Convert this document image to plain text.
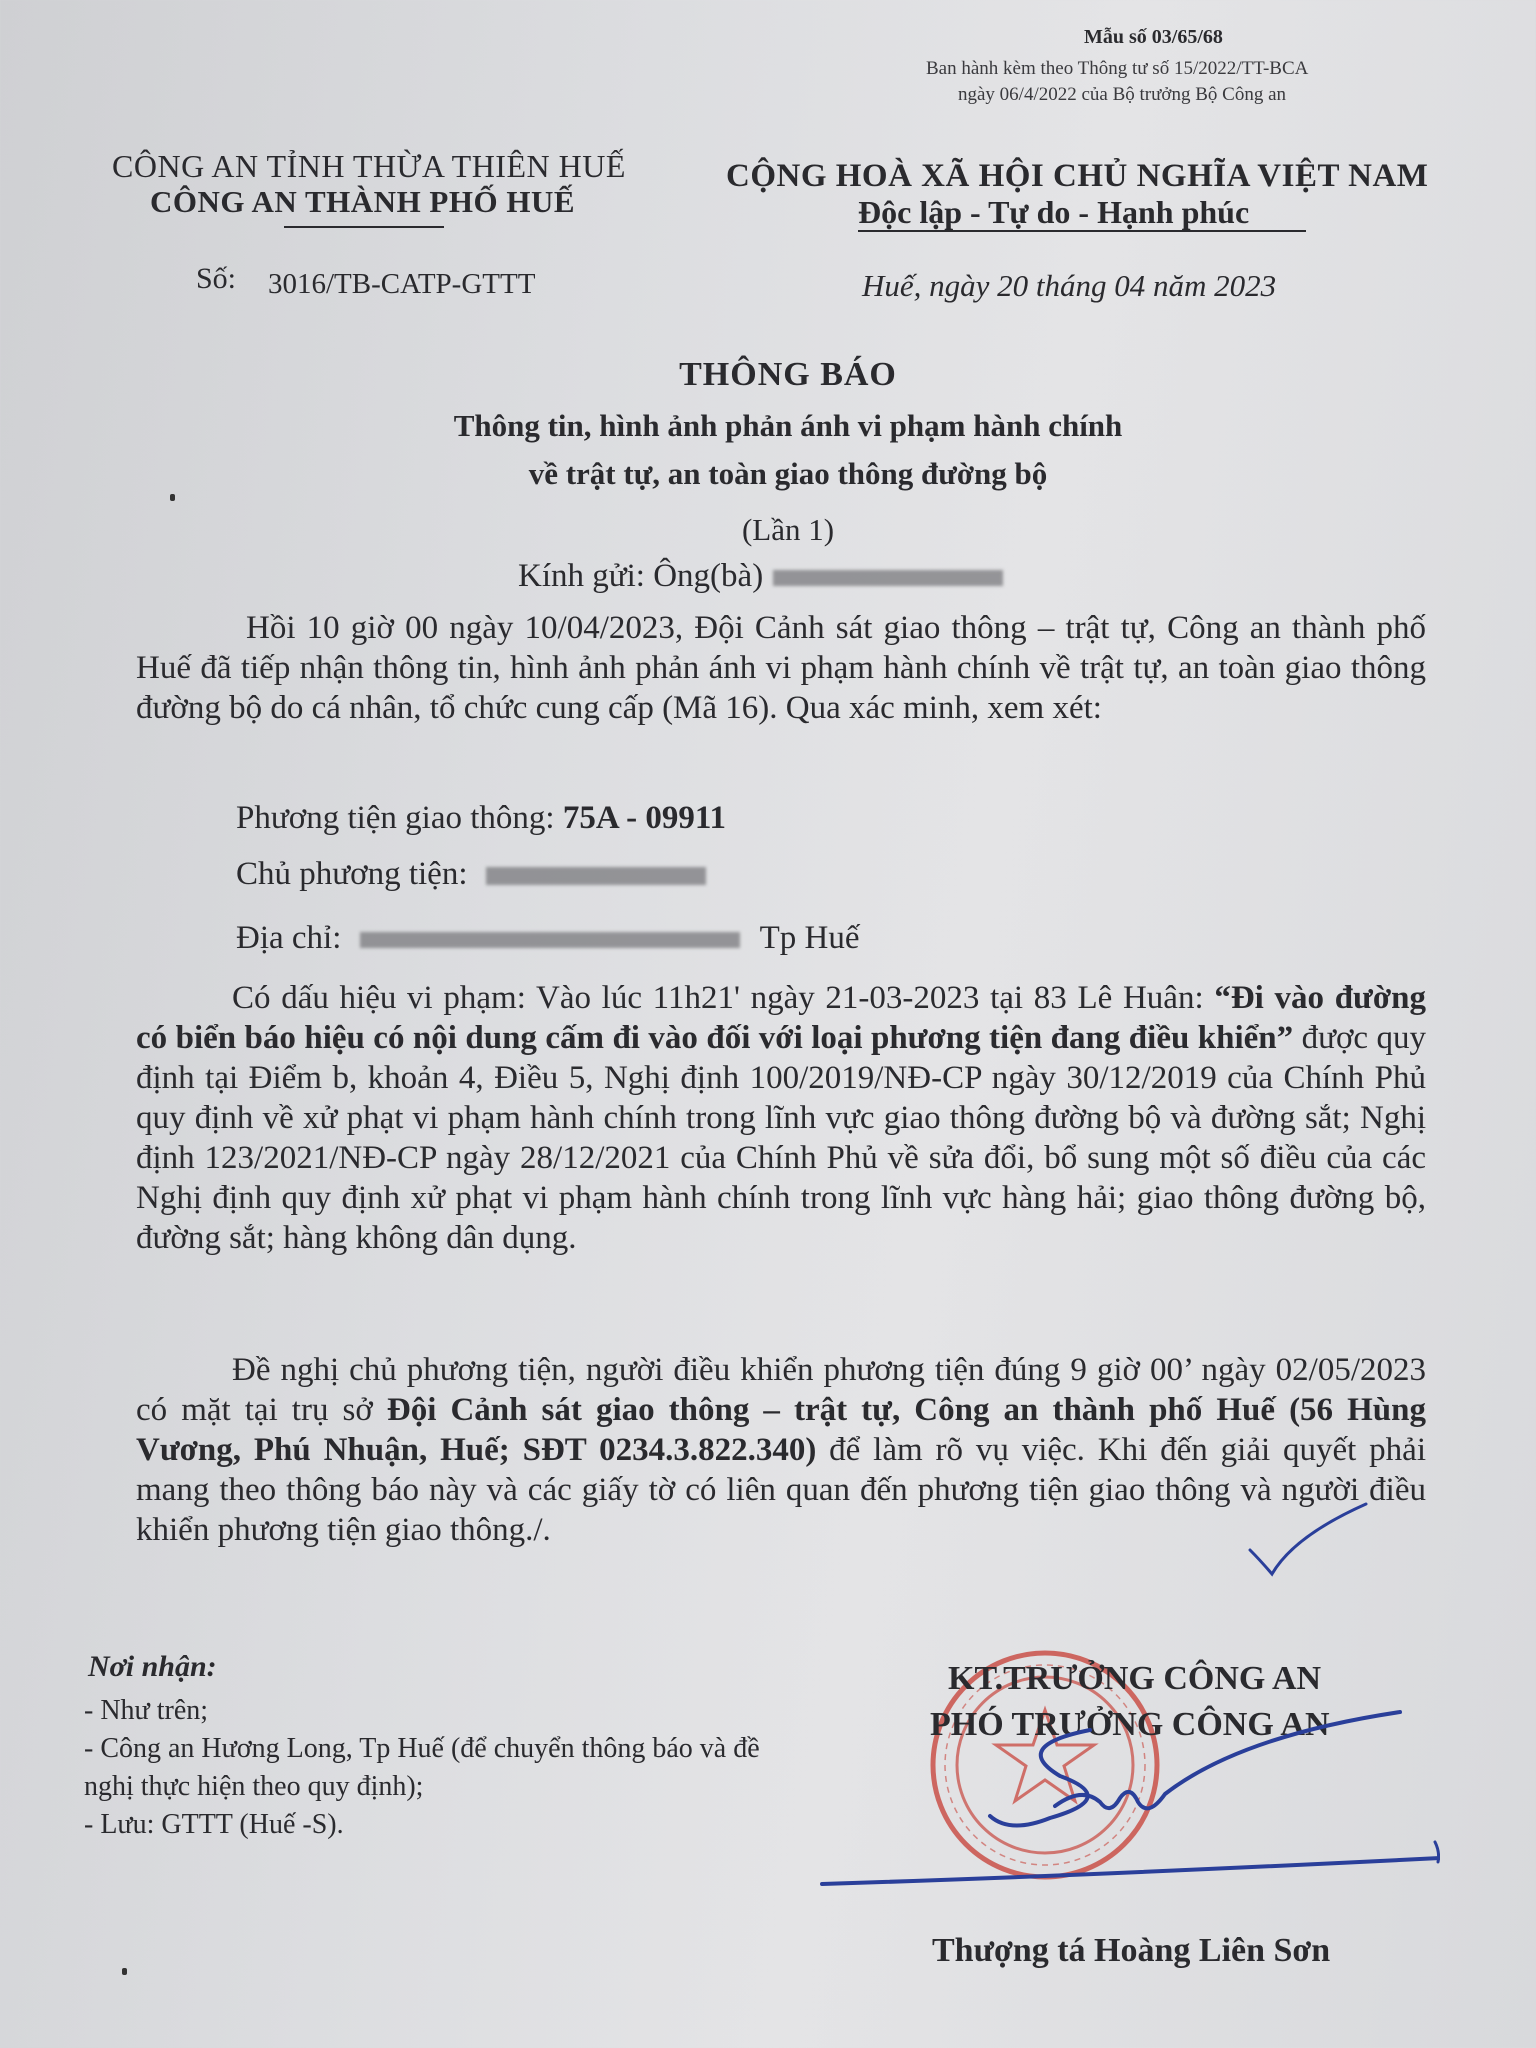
Mẫu số 03/65/68
Ban hành kèm theo Thông tư số 15/2022/TT-BCA
ngày 06/4/2022 của Bộ trưởng Bộ Công an
CÔNG AN TỈNH THỪA THIÊN HUẾ
CÔNG AN THÀNH PHỐ HUẾ
CỘNG HOÀ XÃ HỘI CHỦ NGHĨA VIỆT NAM
Độc lập - Tự do - Hạnh phúc
Số: 3016/TB-CATP-GTTT	Huế, ngày 20 tháng 04 năm 2023
THÔNG BÁO
Thông tin, hình ảnh phản ánh vi phạm hành chính
về trật tự, an toàn giao thông đường bộ
(Lần 1)
Kính gửi: Ông(bà)
Hồi 10 giờ 00 ngày 10/04/2023, Đội Cảnh sát giao thông – trật tự, Công an thành phố Huế đã tiếp nhận thông tin, hình ảnh phản ánh vi phạm hành chính về trật tự, an toàn giao thông đường bộ do cá nhân, tổ chức cung cấp (Mã 16). Qua xác minh, xem xét:
Phương tiện giao thông: 75A - 09911
Chủ phương tiện:
Địa chỉ:	Tp Huế
Có dấu hiệu vi phạm: Vào lúc 11h21' ngày 21-03-2023 tại 83 Lê Huân: “Đi vào đường có biển báo hiệu có nội dung cấm đi vào đối với loại phương tiện đang điều khiển” được quy định tại Điểm b, khoản 4, Điều 5, Nghị định 100/2019/NĐ-CP ngày 30/12/2019 của Chính Phủ quy định về xử phạt vi phạm hành chính trong lĩnh vực giao thông đường bộ và đường sắt; Nghị định 123/2021/NĐ-CP ngày 28/12/2021 của Chính Phủ về sửa đổi, bổ sung một số điều của các Nghị định quy định xử phạt vi phạm hành chính trong lĩnh vực hàng hải; giao thông đường bộ, đường sắt; hàng không dân dụng.
Đề nghị chủ phương tiện, người điều khiển phương tiện đúng 9 giờ 00’ ngày 02/05/2023 có mặt tại trụ sở Đội Cảnh sát giao thông – trật tự, Công an thành phố Huế (56 Hùng Vương, Phú Nhuận, Huế; SĐT 0234.3.822.340) để làm rõ vụ việc. Khi đến giải quyết phải mang theo thông báo này và các giấy tờ có liên quan đến phương tiện giao thông và người điều khiển phương tiện giao thông./.
Nơi nhận:
- Như trên;
- Công an Hương Long, Tp Huế (để chuyển thông báo và đề nghị thực hiện theo quy định);
- Lưu: GTTT (Huế -S).
KT.TRƯỞNG CÔNG AN
PHÓ TRƯỞNG CÔNG AN
Thượng tá Hoàng Liên Sơn
